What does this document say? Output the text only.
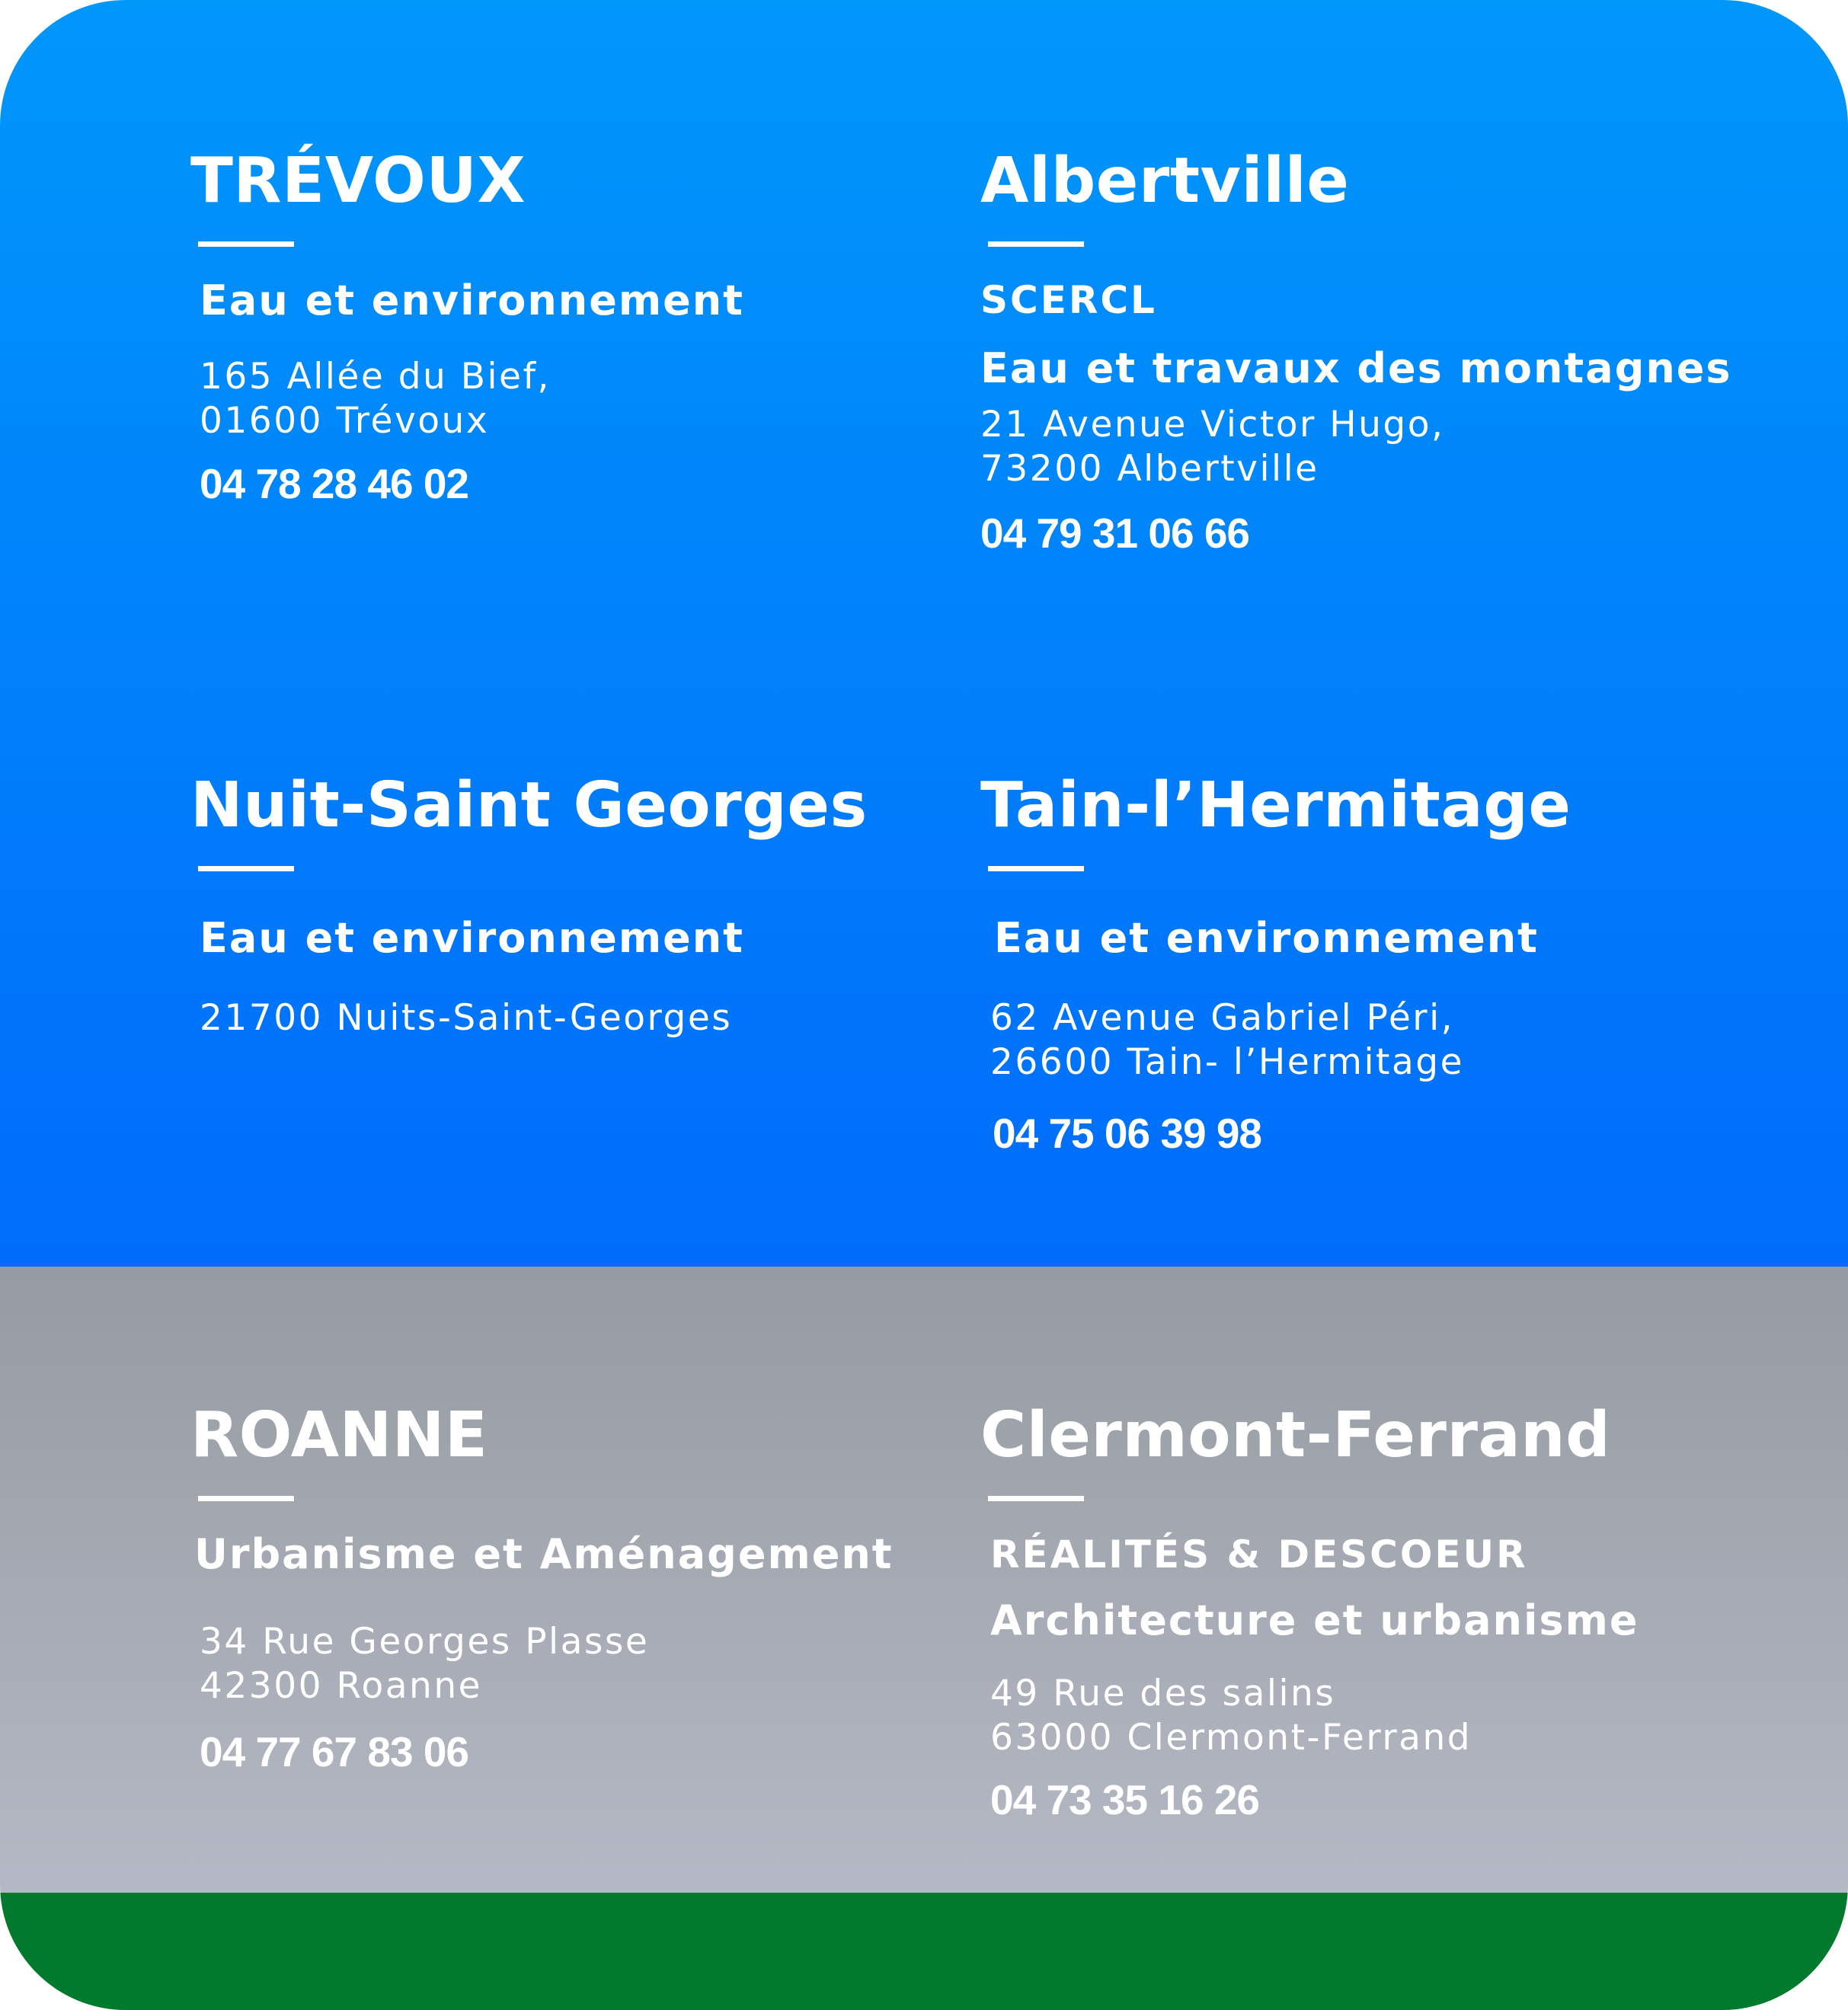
TRÉVOUX
Eau et environnement
165 Allée du Bief,
01600 Trévoux
04 78 28 46 02
Albertville
SCERCL
Eau et travaux des montagnes
21 Avenue Victor Hugo,
73200 Albertville
04 79 31 06 66
Nuit-Saint Georges
Eau et environnement
21700 Nuits-Saint-Georges
Tain-l’Hermitage
Eau et environnement
62 Avenue Gabriel Péri,
26600 Tain- l’Hermitage
04 75 06 39 98
ROANNE
Urbanisme et Aménagement
34 Rue Georges Plasse
42300 Roanne
04 77 67 83 06
Clermont-Ferrand
RÉALITÉS & DESCOEUR
Architecture et urbanisme
49 Rue des salins
63000 Clermont-Ferrand
04 73 35 16 26
